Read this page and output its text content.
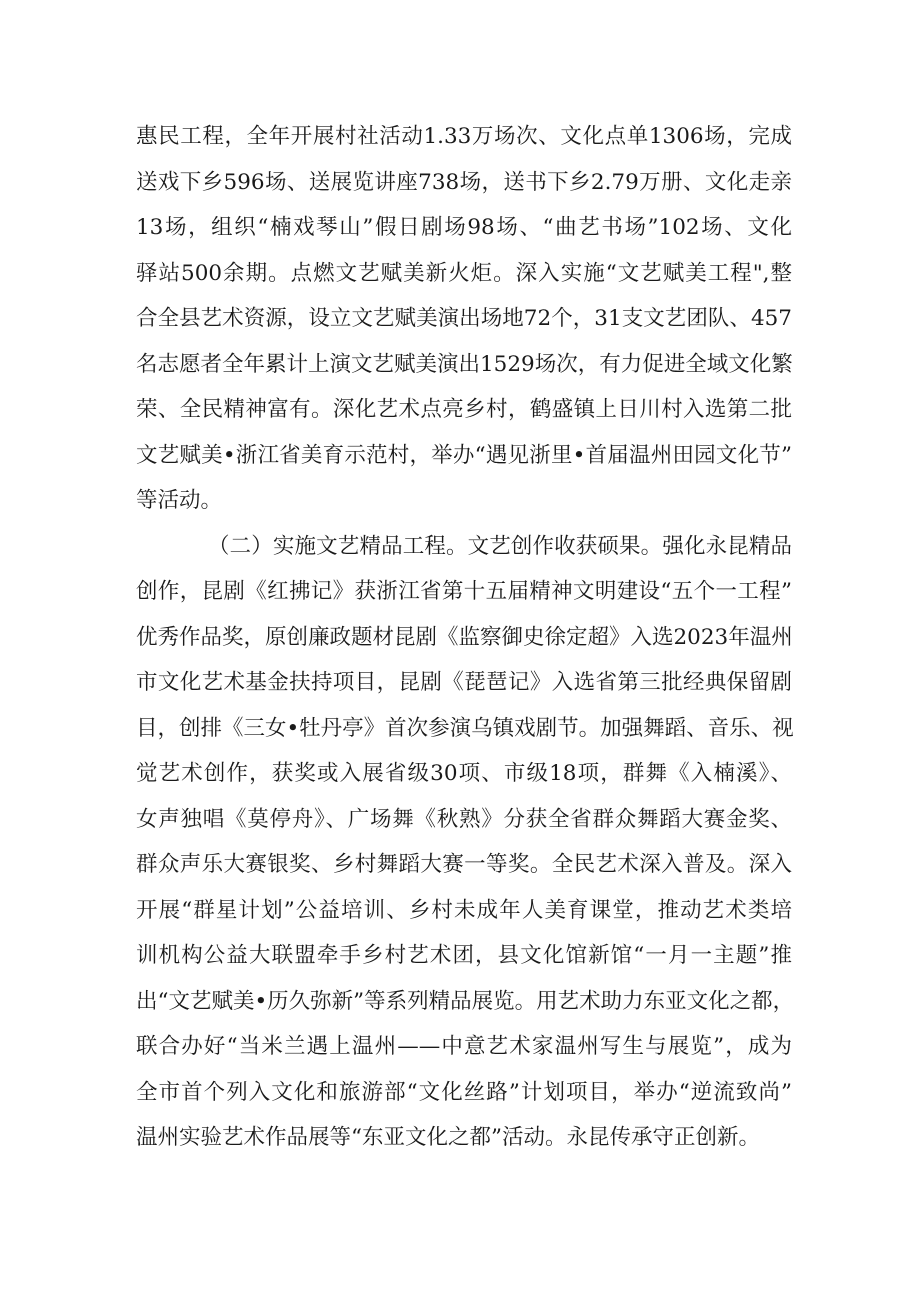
惠民工程，全年开展村社活动1.33万场次、文化点单1306场，完成
送戏下乡596场、送展览讲座738场，送书下乡2.79万册、文化走亲
13场，组织“楠戏琴山”假日剧场98场、“曲艺书场”102场、文化
驿站500余期。点燃文艺赋美新火炬。深入实施“文艺赋美工程",整
合全县艺术资源，设立文艺赋美演出场地72个，31支文艺团队、457
名志愿者全年累计上演文艺赋美演出1529场次，有力促进全域文化繁
荣、全民精神富有。深化艺术点亮乡村，鹤盛镇上日川村入选第二批
文艺赋美•浙江省美育示范村，举办“遇见浙里•首届温州田园文化节”
等活动。

（二）实施文艺精品工程。文艺创作收获硕果。强化永昆精品
创作，昆剧《红拂记》获浙江省第十五届精神文明建设“五个一工程”
优秀作品奖，原创廉政题材昆剧《监察御史徐定超》入选2023年温州
市文化艺术基金扶持项目，昆剧《琵琶记》入选省第三批经典保留剧
目，创排《三女•牡丹亭》首次参演乌镇戏剧节。加强舞蹈、音乐、视
觉艺术创作，获奖或入展省级30项、市级18项，群舞《入楠溪》、
女声独唱《莫停舟》、广场舞《秋熟》分获全省群众舞蹈大赛金奖、
群众声乐大赛银奖、乡村舞蹈大赛一等奖。全民艺术深入普及。深入
开展“群星计划”公益培训、乡村未成年人美育课堂，推动艺术类培
训机构公益大联盟牵手乡村艺术团，县文化馆新馆“一月一主题”推
出“文艺赋美•历久弥新”等系列精品展览。用艺术助力东亚文化之都，
联合办好“当米兰遇上温州——中意艺术家温州写生与展览”，成为
全市首个列入文化和旅游部“文化丝路”计划项目，举办“逆流致尚”
温州实验艺术作品展等“东亚文化之都”活动。永昆传承守正创新。
